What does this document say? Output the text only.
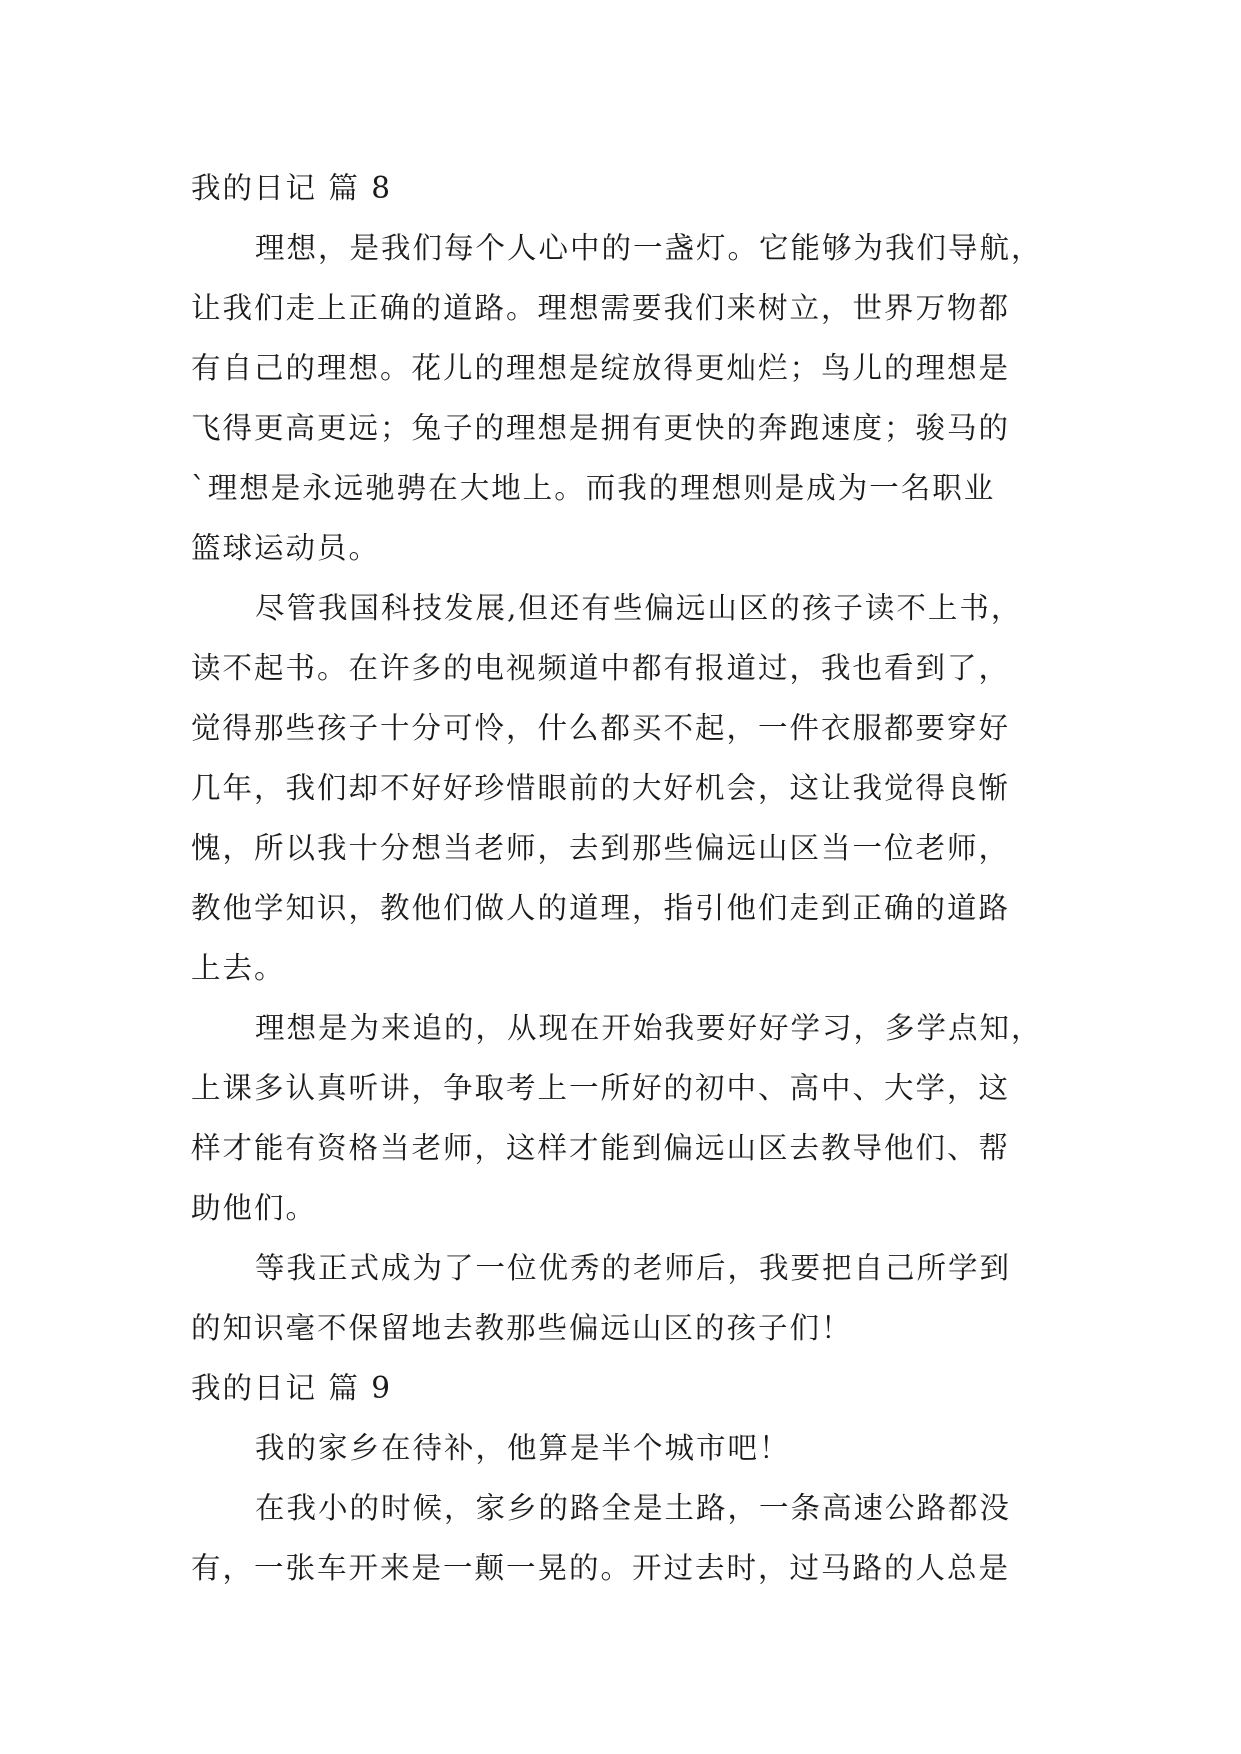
我的日记 篇 8
理想，是我们每个人心中的一盏灯。它能够为我们导航，
让我们走上正确的道路。理想需要我们来树立，世界万物都
有自己的理想。花儿的理想是绽放得更灿烂；鸟儿的理想是
飞得更高更远；兔子的理想是拥有更快的奔跑速度；骏马的
`理想是永远驰骋在大地上。而我的理想则是成为一名职业
篮球运动员。
尽管我国科技发展,但还有些偏远山区的孩子读不上书，
读不起书。在许多的电视频道中都有报道过，我也看到了，
觉得那些孩子十分可怜，什么都买不起，一件衣服都要穿好
几年，我们却不好好珍惜眼前的大好机会，这让我觉得良惭
愧，所以我十分想当老师，去到那些偏远山区当一位老师，
教他学知识，教他们做人的道理，指引他们走到正确的道路
上去。
理想是为来追的，从现在开始我要好好学习，多学点知，
上课多认真听讲，争取考上一所好的初中、高中、大学，这
样才能有资格当老师，这样才能到偏远山区去教导他们、帮
助他们。
等我正式成为了一位优秀的老师后，我要把自己所学到
的知识毫不保留地去教那些偏远山区的孩子们！
我的日记 篇 9
我的家乡在待补，他算是半个城市吧！
在我小的时候，家乡的路全是土路，一条高速公路都没
有，一张车开来是一颠一晃的。开过去时，过马路的人总是
